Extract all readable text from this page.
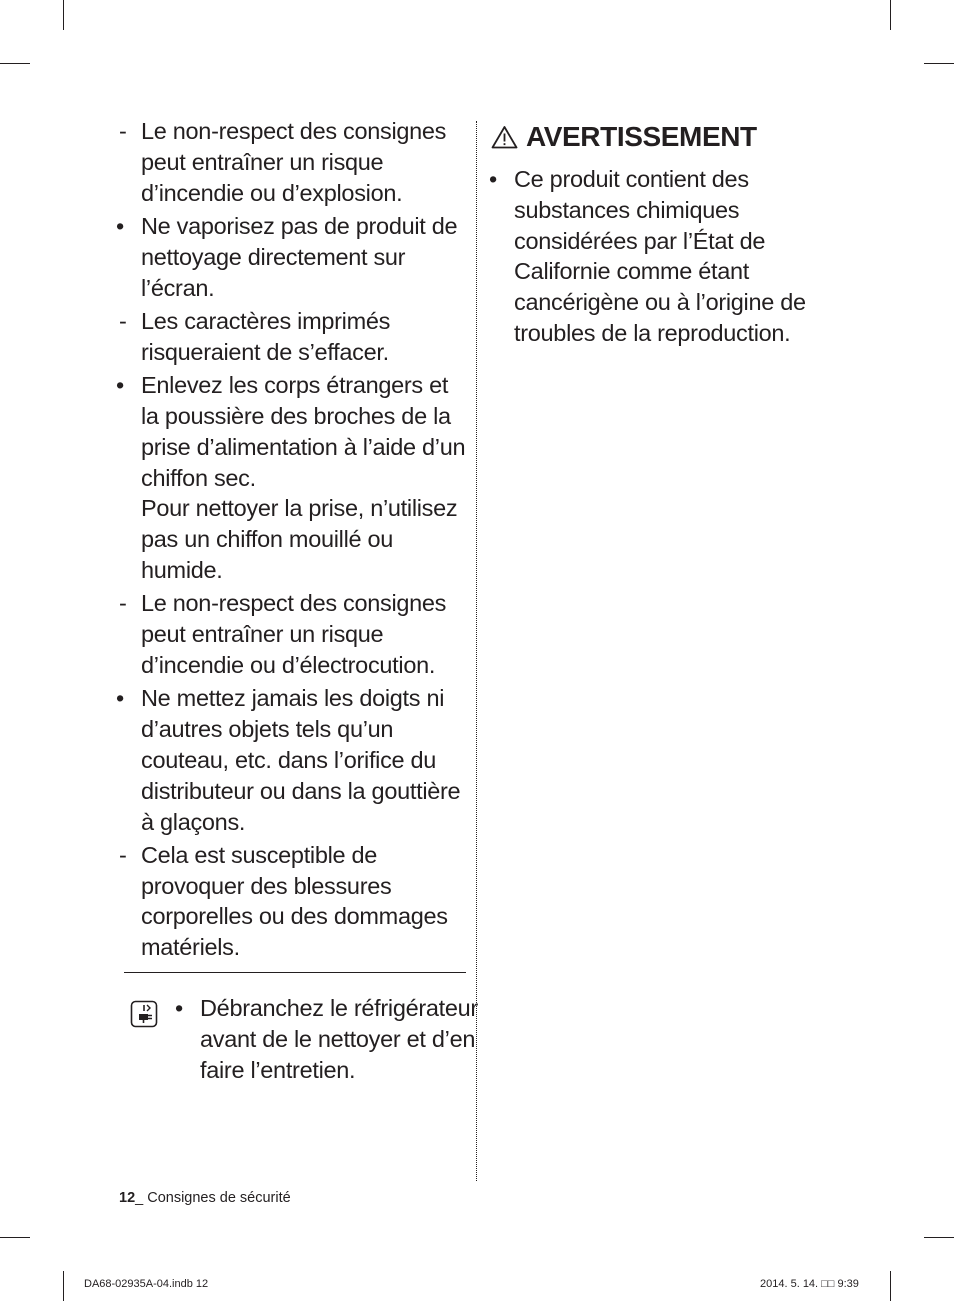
- Le non-respect des consignes peut entraîner un risque d’incendie ou d’explosion.

• Ne vaporisez pas de produit de nettoyage directement sur l’écran.

- Les caractères imprimés risqueraient de s’effacer.

• Enlevez les corps étrangers et la poussière des broches de la prise d’alimentation à l’aide d’un chiffon sec.

Pour nettoyer la prise, n’utilisez pas un chiffon mouillé ou humide.

- Le non-respect des consignes peut entraîner un risque d’incendie ou d’électrocution.

• Ne mettez jamais les doigts ni d’autres objets tels qu’un couteau, etc. dans l’orifice du distributeur ou dans la gouttière à glaçons.

- Cela est susceptible de provoquer des blessures corporelles ou des dommages matériels.

• Débranchez le réfrigérateur avant de le nettoyer et d’en faire l’entretien.

AVERTISSEMENT
• Ce produit contient des substances chimiques considérées par l’État de Californie comme étant cancérigène ou à l’origine de troubles de la reproduction.

12_ Consignes de sécurité
DA68-02935A-04.indb 12	2014. 5. 14. □□ 9:39
